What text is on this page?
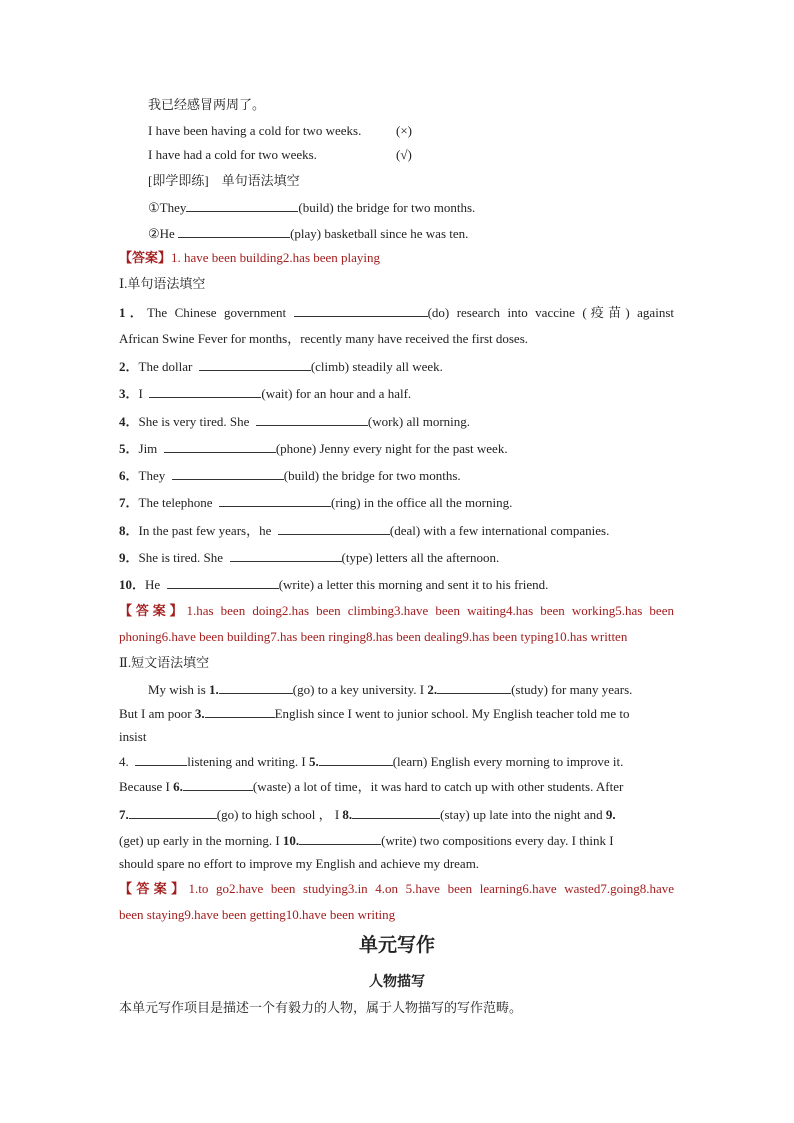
我已经感冒两周了。
I have been having a cold for two weeks.	(×)
I have had a cold for two weeks.	(√)
[即学即练]　单句语法填空
①They	(build) the bridge for two months.
②He	(play) basketball since he was ten.
【答案】1. have been building2.has been playing
Ⅰ.单句语法填空
1．The Chinese government	(do) research into vaccine (疫苗) against
African Swine Fever for months，recently many have received the first doses.
2．The dollar	(climb) steadily all week.
3．I	(wait) for an hour and a half.
4．She is very tired. She	(work) all morning.
5．Jim	(phone) Jenny every night for the past week.
6．They	(build) the bridge for two months.
7．The telephone	(ring) in the office all the morning.
8．In the past few years，he	(deal) with a few international companies.
9．She is tired. She	(type) letters all the afternoon.
10．He	(write) a letter this morning and sent it to his friend.
【答案】1.has been doing2.has been climbing3.have been waiting4.has been working5.has been
phoning6.have been building7.has been ringing8.has been dealing9.has been typing10.has written
Ⅱ.短文语法填空
My wish is 1.	(go) to a key university. I 2.	(study) for many years.
But I am poor 3.	English since I went to junior school. My English teacher told me to
insist
4.	listening and writing. I 5.	(learn) English every morning to improve it.
Because I 6.	(waste) a lot of time，it was hard to catch up with other students. After
7.	(go) to high school ， I 8.	(stay) up late into the night and 9.
(get) up early in the morning. I 10.	(write) two compositions every day. I think I
should spare no effort to improve my English and achieve my dream.
【答案】1.to go2.have been studying3.in 4.on 5.have been learning6.have wasted7.going8.have
been staying9.have been getting10.have been writing
单元写作
人物描写
本单元写作项目是描述一个有毅力的人物，属于人物描写的写作范畴。
